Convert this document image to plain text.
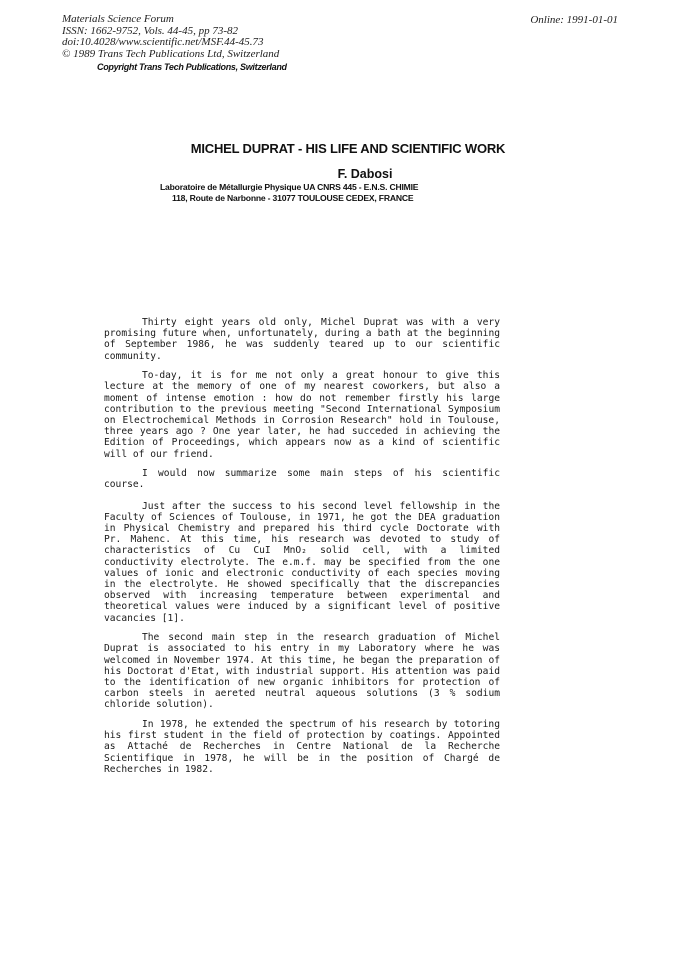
Materials Science Forum
ISSN: 1662-9752, Vols. 44-45, pp 73-82
doi:10.4028/www.scientific.net/MSF.44-45.73
© 1989 Trans Tech Publications Ltd, Switzerland
Online: 1991-01-01
Copyright Trans Tech Publications, Switzerland
MICHEL DUPRAT - HIS LIFE AND SCIENTIFIC WORK
F. Dabosi
Laboratoire de Métallurgie Physique UA CNRS 445 - E.N.S. CHIMIE
118, Route de Narbonne - 31077 TOULOUSE CEDEX, FRANCE

Thirty eight years old only, Michel Duprat was with a very promising future when, unfortunately, during a bath at the beginning of September 1986, he was suddenly teared up to our scientific community.

To-day, it is for me not only a great honour to give this lecture at the memory of one of my nearest coworkers, but also a moment of intense emotion : how do not remember firstly his large contribution to the previous meeting "Second International Symposium on Electrochemical Methods in Corrosion Research" hold in Toulouse, three years ago ? One year later, he had succeded in achieving the Edition of Proceedings, which appears now as a kind of scientific will of our friend.

I would now summarize some main steps of his scientific course.

Just after the success to his second level fellowship in the Faculty of Sciences of Toulouse, in 1971, he got the DEA graduation in Physical Chemistry and prepared his third cycle Doctorate with Pr. Mahenc. At this time, his research was devoted to study of characteristics of Cu CuI MnO₂ solid cell, with a limited conductivity electrolyte. The e.m.f. may be specified from the one values of ionic and electronic conductivity of each species moving in the electrolyte. He showed specifically that the discrepancies observed with increasing temperature between experimental and theoretical values were induced by a significant level of positive vacancies [1].

The second main step in the research graduation of Michel Duprat is associated to his entry in my Laboratory where he was welcomed in November 1974. At this time, he began the preparation of his Doctorat d'Etat, with industrial support. His attention was paid to the identification of new organic inhibitors for protection of carbon steels in aereted neutral aqueous solutions (3 % sodium chloride solution).

In 1978, he extended the spectrum of his research by totoring his first student in the field of protection by coatings. Appointed as Attaché de Recherches in Centre National de la Recherche Scientifique in 1978, he will be in the position of Chargé de Recherches in 1982.
